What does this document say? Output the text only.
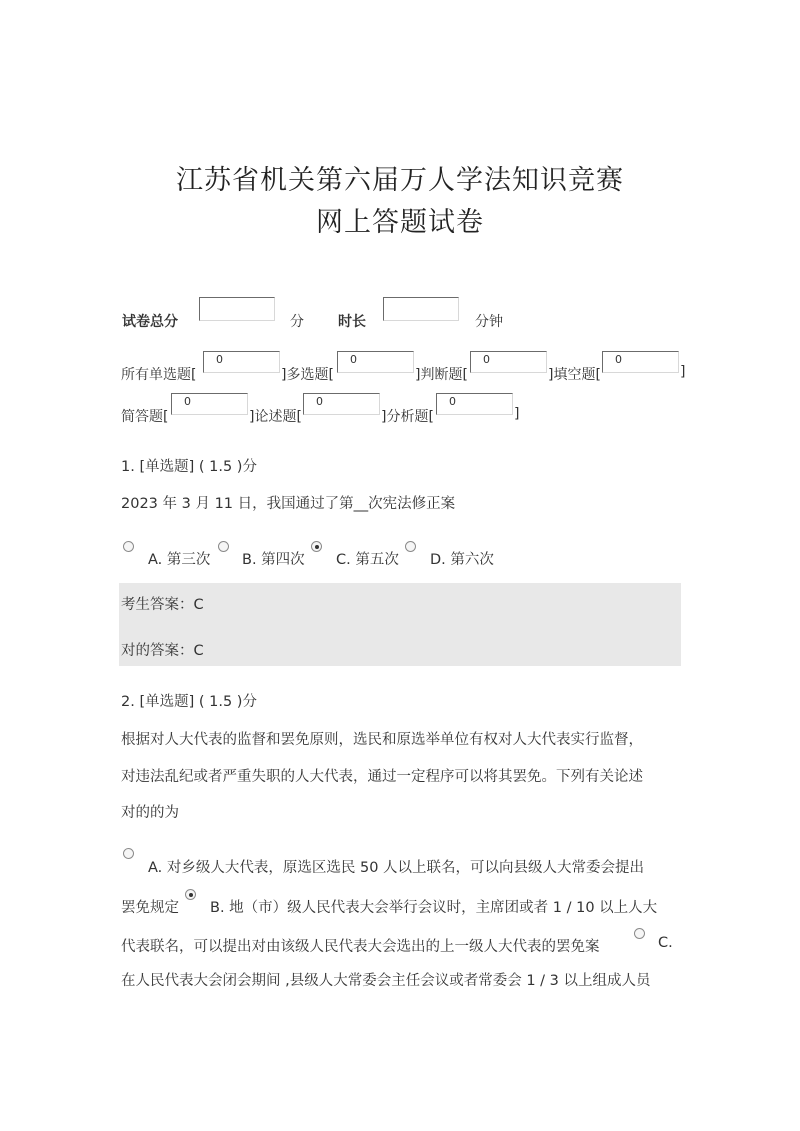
江苏省机关第六届万人学法知识竞赛
网上答题试卷
试卷总分	分 时长	分钟
所有单选题[
0
]多选题[
0
]判断题[
0
]填空题[
0
]
简答题[
0
]论述题[
0
]分析题[
0
]
1. [单选题] ( 1.5 )分
2023 年 3 月 11 日，我国通过了第__次宪法修正案
A. 第三次 B. 第四次 C. 第五次 D. 第六次
考生答案：C
对的答案：C
2. [单选题] ( 1.5 )分
根据对人大代表的监督和罢免原则，选民和原选举单位有权对人大代表实行监督，
对违法乱纪或者严重失职的人大代表，通过一定程序可以将其罢免。下列有关论述
对的的为
A. 对乡级人大代表，原选区选民 50 人以上联名，可以向县级人大常委会提出
罢免规定 B. 地（市）级人民代表大会举行会议时，主席团或者 1 / 10 以上人大
代表联名，可以提出对由该级人民代表大会选出的上一级人大代表的罢免案	C.
在人民代表大会闭会期间 ,县级人大常委会主任会议或者常委会 1 / 3 以上组成人员
